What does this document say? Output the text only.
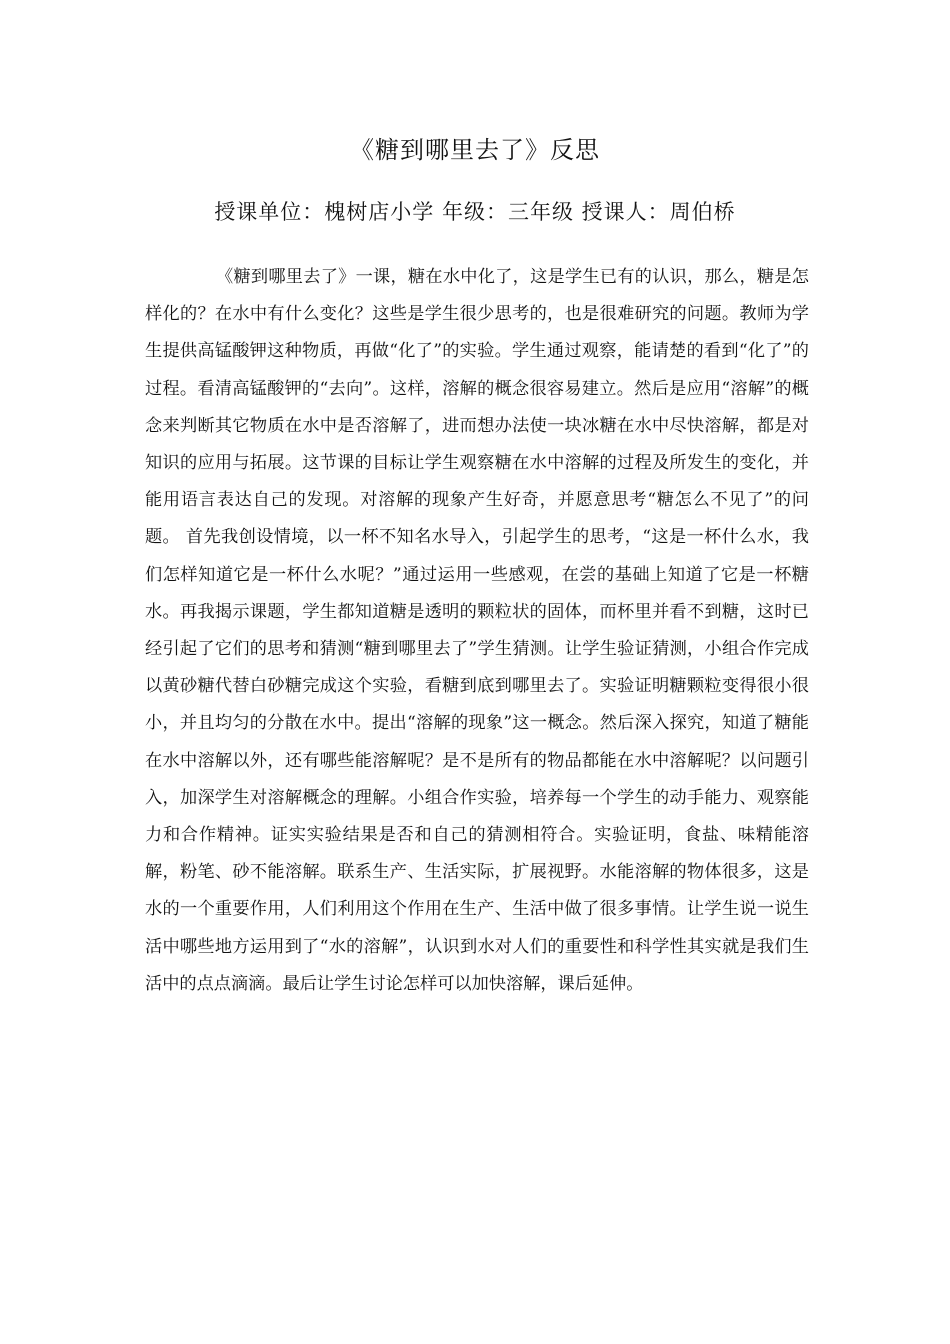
《糖到哪里去了》反思
授课单位：槐树店小学 年级：三年级 授课人：周伯桥
《糖到哪里去了》一课，糖在水中化了，这是学生已有的认识，那么，糖是怎样化的？在水中有什么变化？这些是学生很少思考的，也是很难研究的问题。教师为学生提供高锰酸钾这种物质，再做“化了”的实验。学生通过观察，能请楚的看到“化了”的过程。看清高锰酸钾的“去向”。这样，溶解的概念很容易建立。然后是应用“溶解”的概念来判断其它物质在水中是否溶解了，进而想办法使一块冰糖在水中尽快溶解，都是对知识的应用与拓展。这节课的目标让学生观察糖在水中溶解的过程及所发生的变化，并能用语言表达自己的发现。对溶解的现象产生好奇，并愿意思考“糖怎么不见了”的问题。 首先我创设情境，以一杯不知名水导入，引起学生的思考，“这是一杯什么水，我们怎样知道它是一杯什么水呢？”通过运用一些感观，在尝的基础上知道了它是一杯糖水。再我揭示课题，学生都知道糖是透明的颗粒状的固体，而杯里并看不到糖，这时已经引起了它们的思考和猜测“糖到哪里去了”学生猜测。让学生验证猜测，小组合作完成以黄砂糖代替白砂糖完成这个实验，看糖到底到哪里去了。实验证明糖颗粒变得很小很小，并且均匀的分散在水中。提出“溶解的现象”这一概念。然后深入探究，知道了糖能在水中溶解以外，还有哪些能溶解呢？是不是所有的物品都能在水中溶解呢？以问题引入，加深学生对溶解概念的理解。小组合作实验，培养每一个学生的动手能力、观察能力和合作精神。证实实验结果是否和自己的猜测相符合。实验证明，食盐、味精能溶解，粉笔、砂不能溶解。联系生产、生活实际，扩展视野。水能溶解的物体很多，这是水的一个重要作用，人们利用这个作用在生产、生活中做了很多事情。让学生说一说生活中哪些地方运用到了“水的溶解”，认识到水对人们的重要性和科学性其实就是我们生活中的点点滴滴。最后让学生讨论怎样可以加快溶解，课后延伸。
